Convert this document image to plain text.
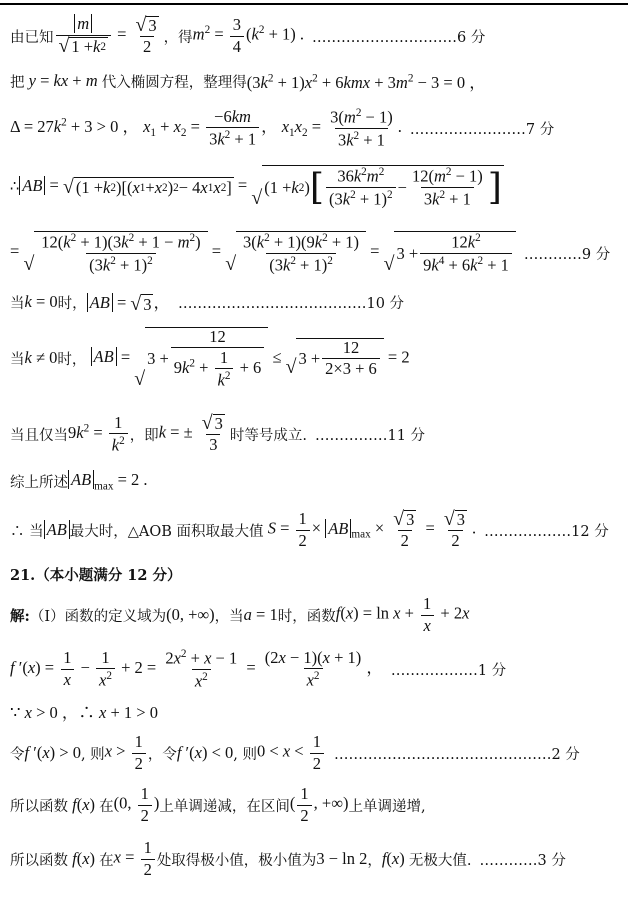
由已知 $\frac{m}{√ 1 + k 2} = \frac{√ 3}{2}$ ，得 $m^2 = \frac{3}{4} (k^2 + 1)$ . …………………………6 分
把 y = kx + m 代入椭圆方程，整理得 $(3k^2 + 1)x^2 + 6kmx + 3m^2 - 3 = 0$ ，
$\Delta = 27k^2 + 3 > 0$ ， $x_1 + x_2 = \frac{-6km}{3k^2 + 1}$ ， $x_1x_2 = \frac{3(m^2 - 1)}{3k^2 + 1}$ . ……………………7 分
∴ AB = √ (1 + k 2 )[( x 1 + x 2 ) 2 − 4 x 1 x 2 ] =
√ (1 + k 2 ) [ $\frac{36k^2m^2}{(3k^2 + 1)^2} - \frac{12(m^2 - 1)}{3k^2 + 1}$ ]
=
√ $\frac{12(k^2 + 1)(3k^2 + 1 - m^2)}{(3k^2 + 1)^2}$ =
√ $\frac{3(k^2 + 1)(9k^2 + 1)}{(3k^2 + 1)^2}$ =
√ $3 + \frac{12k^2}{9k^4 + 6k^2 + 1}$ …………9 分
当 k = 0 时， AB = √ 3 ， …………………………………10 分
当 k ≠ 0 时， AB =
√
$3 + \frac{12}{9k^2 + \frac{1}{k^2} + 6}$ ≤
√ $3 + \frac{12}{2\times 3 + 6} = 2$
当且仅当 $9k^2 = \frac{1}{k^2}$ ，即 k = ± $\frac{√ 3}{3}$ 时等号成立. ……………11 分
综上所述 AB $_{max}$ = 2 .
∴ 当 AB 最大时，△AOB 面积取最大值 $S = \frac{1}{2}$ × AB $_{max} \times \frac{√ 3}{2} = \frac{√ 3}{2}$ . ………………12 分
21.（本小题满分 12 分）
解: （Ⅰ）函数的定义域为 (0, +∞) ，当 a = 1 时，函数 $f(x) = \ln x + \frac{1}{x} + 2x$
f $'(x) = \frac{1}{x} - \frac{1}{x^2} + 2 = \frac{2x^2 + x - 1}{x^2} = \frac{(2x - 1)(x + 1)}{x^2}$ ， ………………1 分
∵ x > 0 ，∴ x + 1 > 0
令 f ′(x) > 0 , 则 $x > \frac{1}{2}$ ，令 f ′(x) < 0 , 则 $0 < x < \frac{1}{2}$ ………………………………………2 分
所以函数 f(x) 在 (0, $\frac{1}{2}$ ) 上单调递减，在区间 ( $\frac{1}{2}$ , +∞) 上单调递增,
所以函数 f(x) 在 $x = \frac{1}{2}$ 处取得极小值，极小值为 3 − ln 2 ， f(x) 无极大值. …………3 分
